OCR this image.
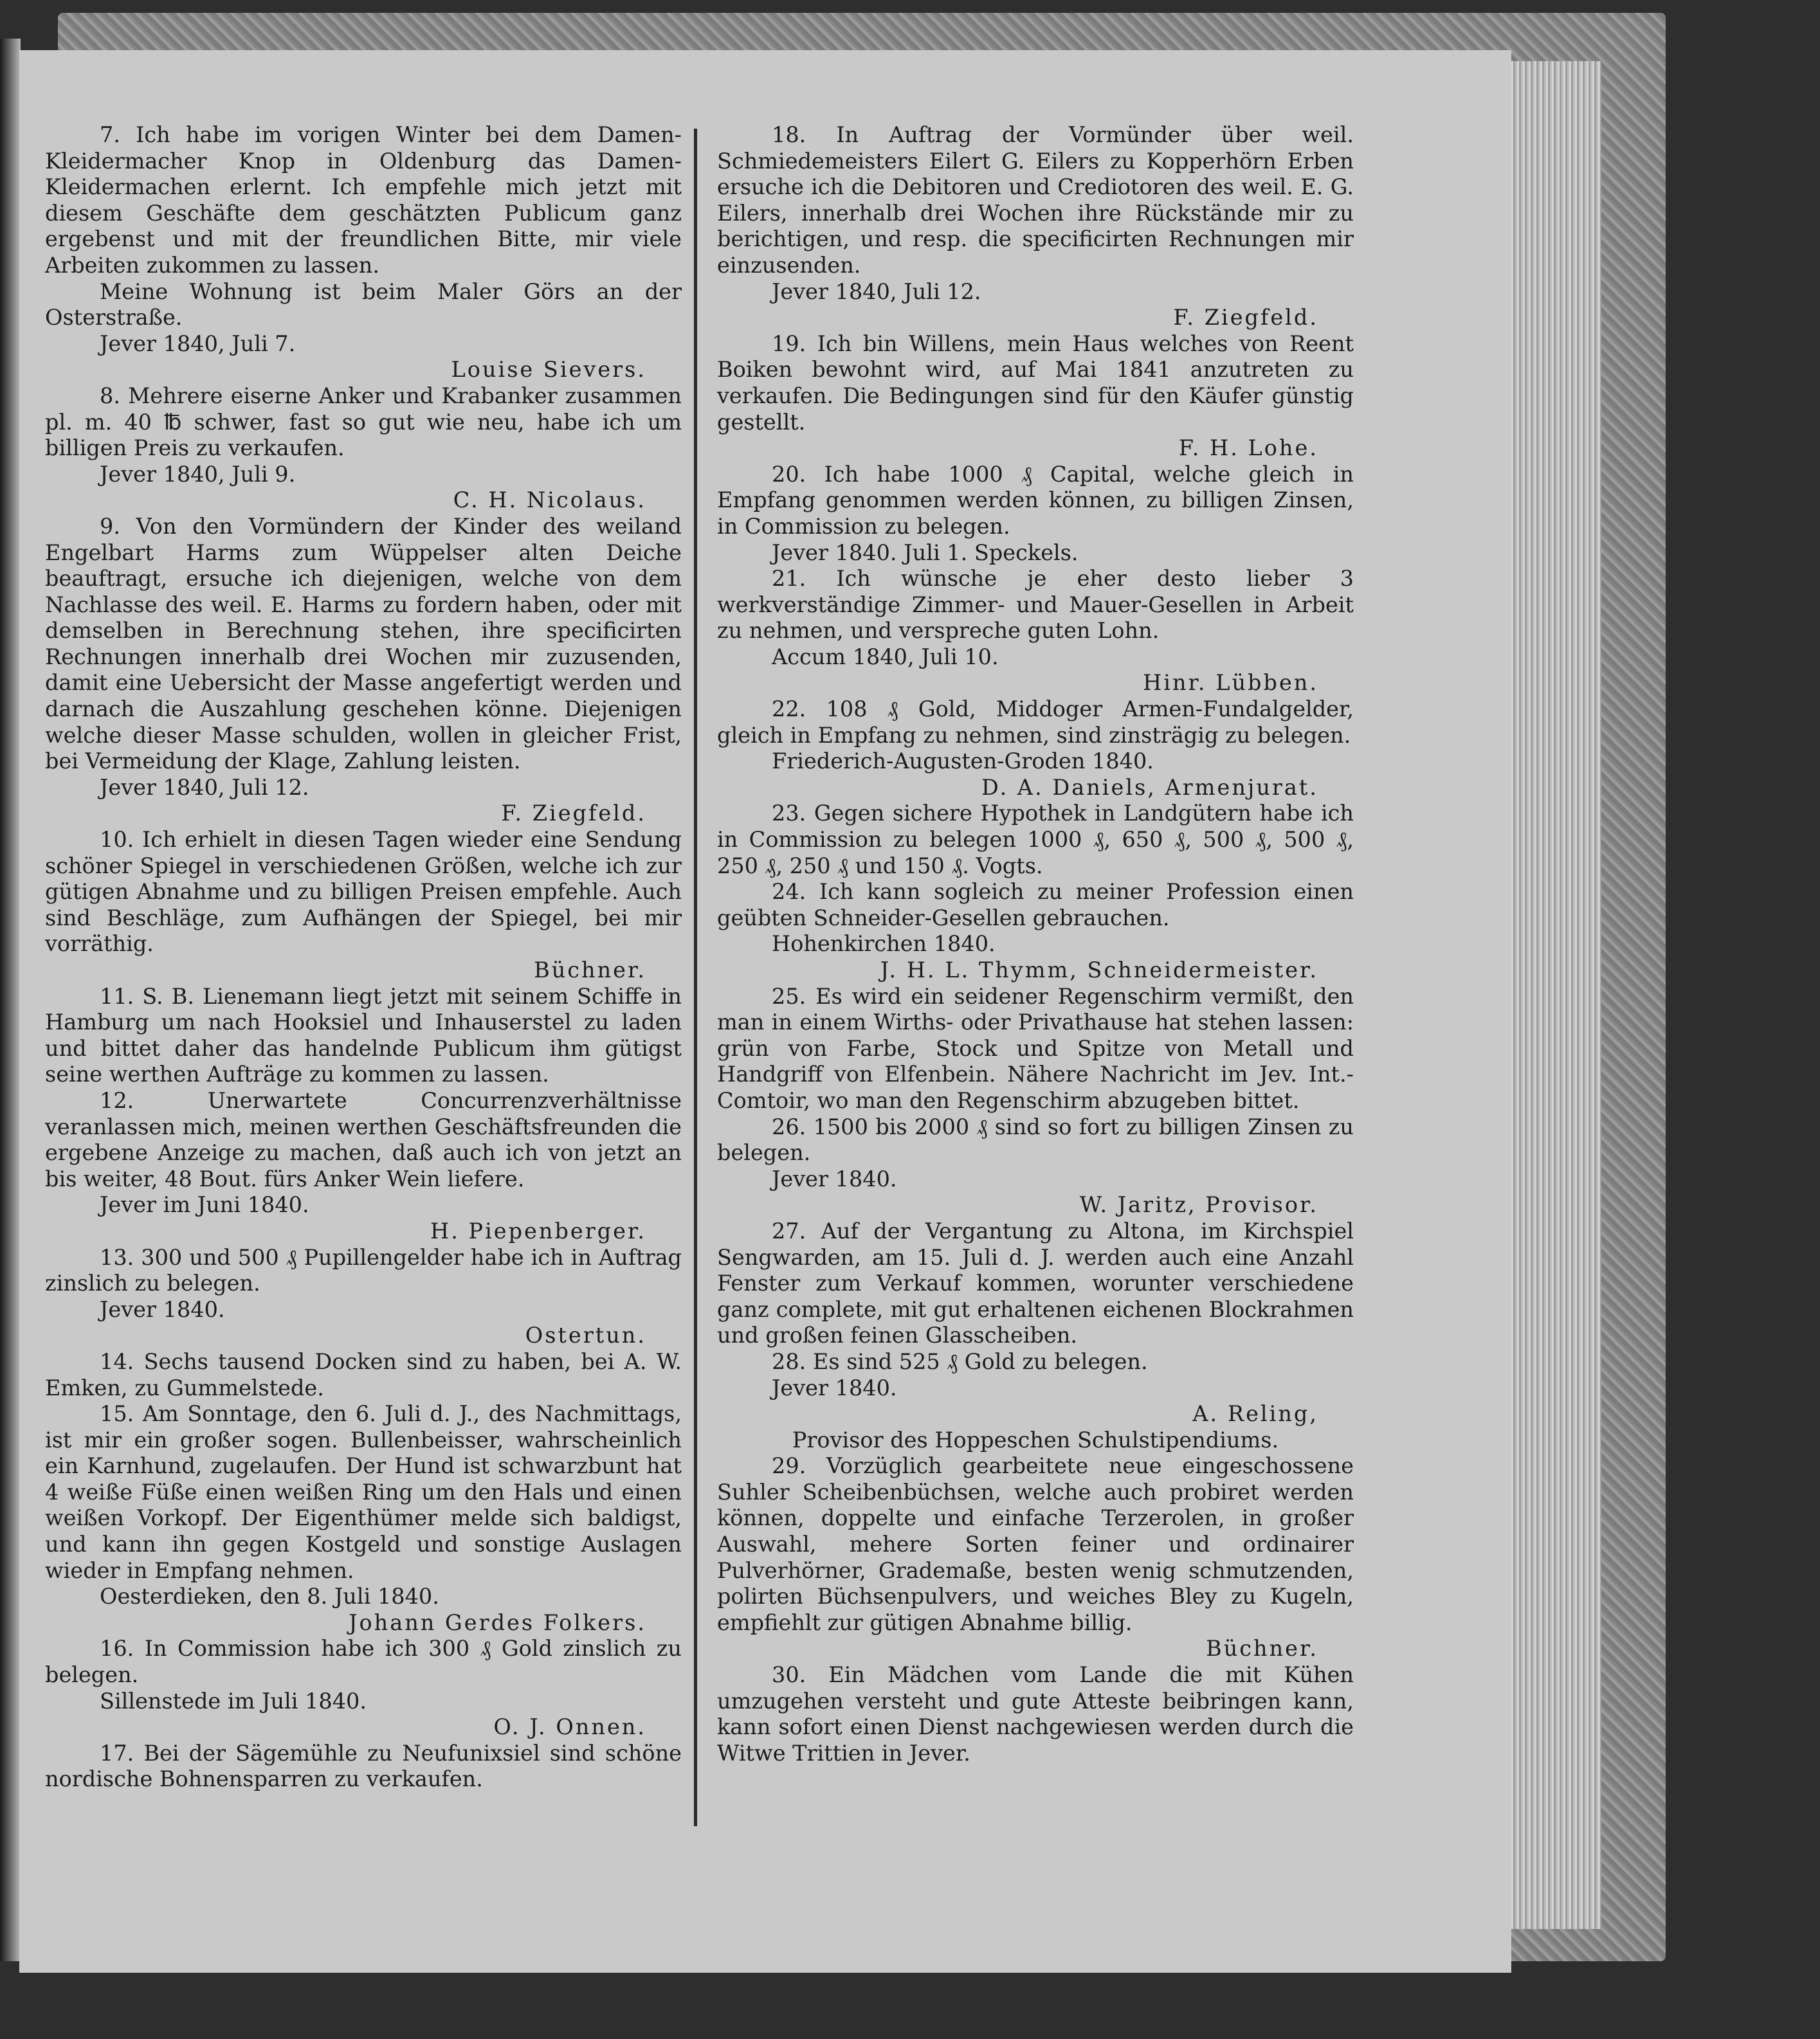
7. Ich habe im vorigen Winter bei dem Damen-Kleidermacher Knop in Oldenburg das Damen-Kleidermachen erlernt. Ich empfehle mich jetzt mit diesem Geschäfte dem geschätzten Publicum ganz ergebenst und mit der freundlichen Bitte, mir viele Arbeiten zukommen zu lassen.
Meine Wohnung ist beim Maler Görs an der Osterstraße.
Jever 1840, Juli 7.
Louise Sievers.
8. Mehrere eiserne Anker und Krabanker zusammen pl. m. 40 ℔ schwer, fast so gut wie neu, habe ich um billigen Preis zu verkaufen.
Jever 1840, Juli 9.
C. H. Nicolaus.
9. Von den Vormündern der Kinder des weiland Engelbart Harms zum Wüppelser alten Deiche beauftragt, ersuche ich diejenigen, welche von dem Nachlasse des weil. E. Harms zu fordern haben, oder mit demselben in Berechnung stehen, ihre specificirten Rechnungen innerhalb drei Wochen mir zuzusenden, damit eine Uebersicht der Masse angefertigt werden und darnach die Auszahlung geschehen könne. Diejenigen welche dieser Masse schulden, wollen in gleicher Frist, bei Vermeidung der Klage, Zahlung leisten.
Jever 1840, Juli 12.
F. Ziegfeld.
10. Ich erhielt in diesen Tagen wieder eine Sendung schöner Spiegel in verschiedenen Größen, welche ich zur gütigen Abnahme und zu billigen Preisen empfehle. Auch sind Beschläge, zum Aufhängen der Spiegel, bei mir vorräthig.
Büchner.
11. S. B. Lienemann liegt jetzt mit seinem Schiffe in Hamburg um nach Hooksiel und Inhauserstel zu laden und bittet daher das handelnde Publicum ihm gütigst seine werthen Aufträge zu kommen zu lassen.
12. Unerwartete Concurrenzverhältnisse veranlassen mich, meinen werthen Geschäftsfreunden die ergebene Anzeige zu machen, daß auch ich von jetzt an bis weiter, 48 Bout. fürs Anker Wein liefere.
Jever im Juni 1840.
H. Piepenberger.
13. 300 und 500 ₰ Pupillengelder habe ich in Auftrag zinslich zu belegen.
Jever 1840.
Ostertun.
14. Sechs tausend Docken sind zu haben, bei A. W. Emken, zu Gummelstede.
15. Am Sonntage, den 6. Juli d. J., des Nachmittags, ist mir ein großer sogen. Bullenbeisser, wahrscheinlich ein Karnhund, zugelaufen. Der Hund ist schwarzbunt hat 4 weiße Füße einen weißen Ring um den Hals und einen weißen Vorkopf. Der Eigenthümer melde sich baldigst, und kann ihn gegen Kostgeld und sonstige Auslagen wieder in Empfang nehmen.
Oesterdieken, den 8. Juli 1840.
Johann Gerdes Folkers.
16. In Commission habe ich 300 ₰ Gold zinslich zu belegen.
Sillenstede im Juli 1840.
O. J. Onnen.
17. Bei der Sägemühle zu Neufunixsiel sind schöne nordische Bohnensparren zu verkaufen.
18. In Auftrag der Vormünder über weil. Schmiedemeisters Eilert G. Eilers zu Kopperhörn Erben ersuche ich die Debitoren und Crediotoren des weil. E. G. Eilers, innerhalb drei Wochen ihre Rückstände mir zu berichtigen, und resp. die specificirten Rechnungen mir einzusenden.
Jever 1840, Juli 12.
F. Ziegfeld.
19. Ich bin Willens, mein Haus welches von Reent Boiken bewohnt wird, auf Mai 1841 anzutreten zu verkaufen. Die Bedingungen sind für den Käufer günstig gestellt.
F. H. Lohe.
20. Ich habe 1000 ₰ Capital, welche gleich in Empfang genommen werden können, zu billigen Zinsen, in Commission zu belegen.
Jever 1840. Juli 1. Speckels.
21. Ich wünsche je eher desto lieber 3 werkverständige Zimmer- und Mauer-Gesellen in Arbeit zu nehmen, und verspreche guten Lohn.
Accum 1840, Juli 10.
Hinr. Lübben.
22. 108 ₰ Gold, Middoger Armen-Fundalgelder, gleich in Empfang zu nehmen, sind zinsträgig zu belegen.
Friederich-Augusten-Groden 1840.
D. A. Daniels, Armenjurat.
23. Gegen sichere Hypothek in Landgütern habe ich in Commission zu belegen 1000 ₰, 650 ₰, 500 ₰, 500 ₰, 250 ₰, 250 ₰ und 150 ₰. Vogts.
24. Ich kann sogleich zu meiner Profession einen geübten Schneider-Gesellen gebrauchen.
Hohenkirchen 1840.
J. H. L. Thymm, Schneidermeister.
25. Es wird ein seidener Regenschirm vermißt, den man in einem Wirths- oder Privathause hat stehen lassen: grün von Farbe, Stock und Spitze von Metall und Handgriff von Elfenbein. Nähere Nachricht im Jev. Int.-Comtoir, wo man den Regenschirm abzugeben bittet.
26. 1500 bis 2000 ₰ sind so fort zu billigen Zinsen zu belegen.
Jever 1840.
W. Jaritz, Provisor.
27. Auf der Vergantung zu Altona, im Kirchspiel Sengwarden, am 15. Juli d. J. werden auch eine Anzahl Fenster zum Verkauf kommen, worunter verschiedene ganz complete, mit gut erhaltenen eichenen Blockrahmen und großen feinen Glasscheiben.
28. Es sind 525 ₰ Gold zu belegen.
Jever 1840.
A. Reling,
Provisor des Hoppeschen Schulstipendiums.
29. Vorzüglich gearbeitete neue eingeschossene Suhler Scheibenbüchsen, welche auch probiret werden können, doppelte und einfache Terzerolen, in großer Auswahl, mehere Sorten feiner und ordinairer Pulverhörner, Grademaße, besten wenig schmutzenden, polirten Büchsenpulvers, und weiches Bley zu Kugeln, empfiehlt zur gütigen Abnahme billig.
Büchner.
30. Ein Mädchen vom Lande die mit Kühen umzugehen versteht und gute Atteste beibringen kann, kann sofort einen Dienst nachgewiesen werden durch die Witwe Trittien in Jever.
